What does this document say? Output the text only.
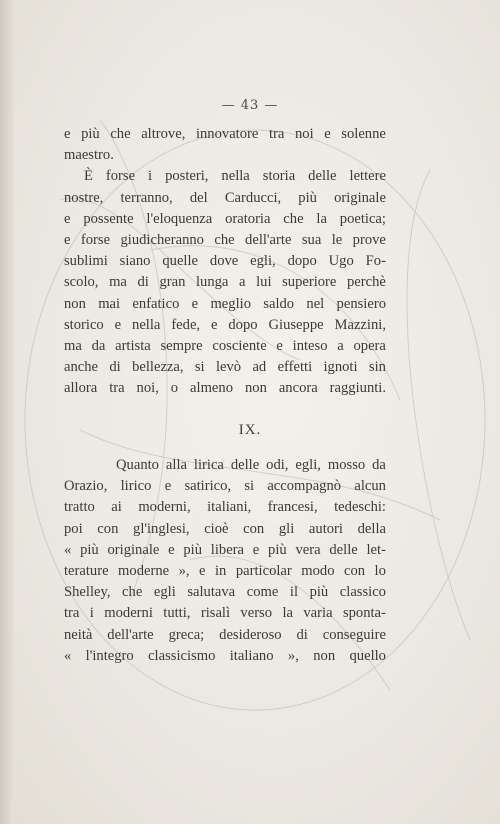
— 43 —

e più che altrove, innovatore tra noi e solenne

maestro.

È forse i posteri, nella storia delle lettere

nostre, terranno, del Carducci, più originale

e possente l'eloquenza oratoria che la poetica;

e forse giudicheranno che dell'arte sua le prove

sublimi siano quelle dove egli, dopo Ugo Fo-

scolo, ma di gran lunga a lui superiore perchè

non mai enfatico e meglio saldo nel pensiero

storico e nella fede, e dopo Giuseppe Mazzini,

ma da artista sempre cosciente e inteso a opera

anche di bellezza, si levò ad effetti ignoti sin

allora tra noi, o almeno non ancora raggiunti.

IX.

Quanto alla lirica delle odi, egli, mosso da

Orazio, lirico e satirico, si accompagnò alcun

tratto ai moderni, italiani, francesi, tedeschi:

poi con gl'inglesi, cioè con gli autori della

« più originale e più libera e più vera delle let-

terature moderne », e in particolar modo con lo

Shelley, che egli salutava come il più classico

tra i moderni tutti, risalì verso la varia sponta-

neità dell'arte greca; desideroso di conseguire

« l'integro classicismo italiano », non quello
